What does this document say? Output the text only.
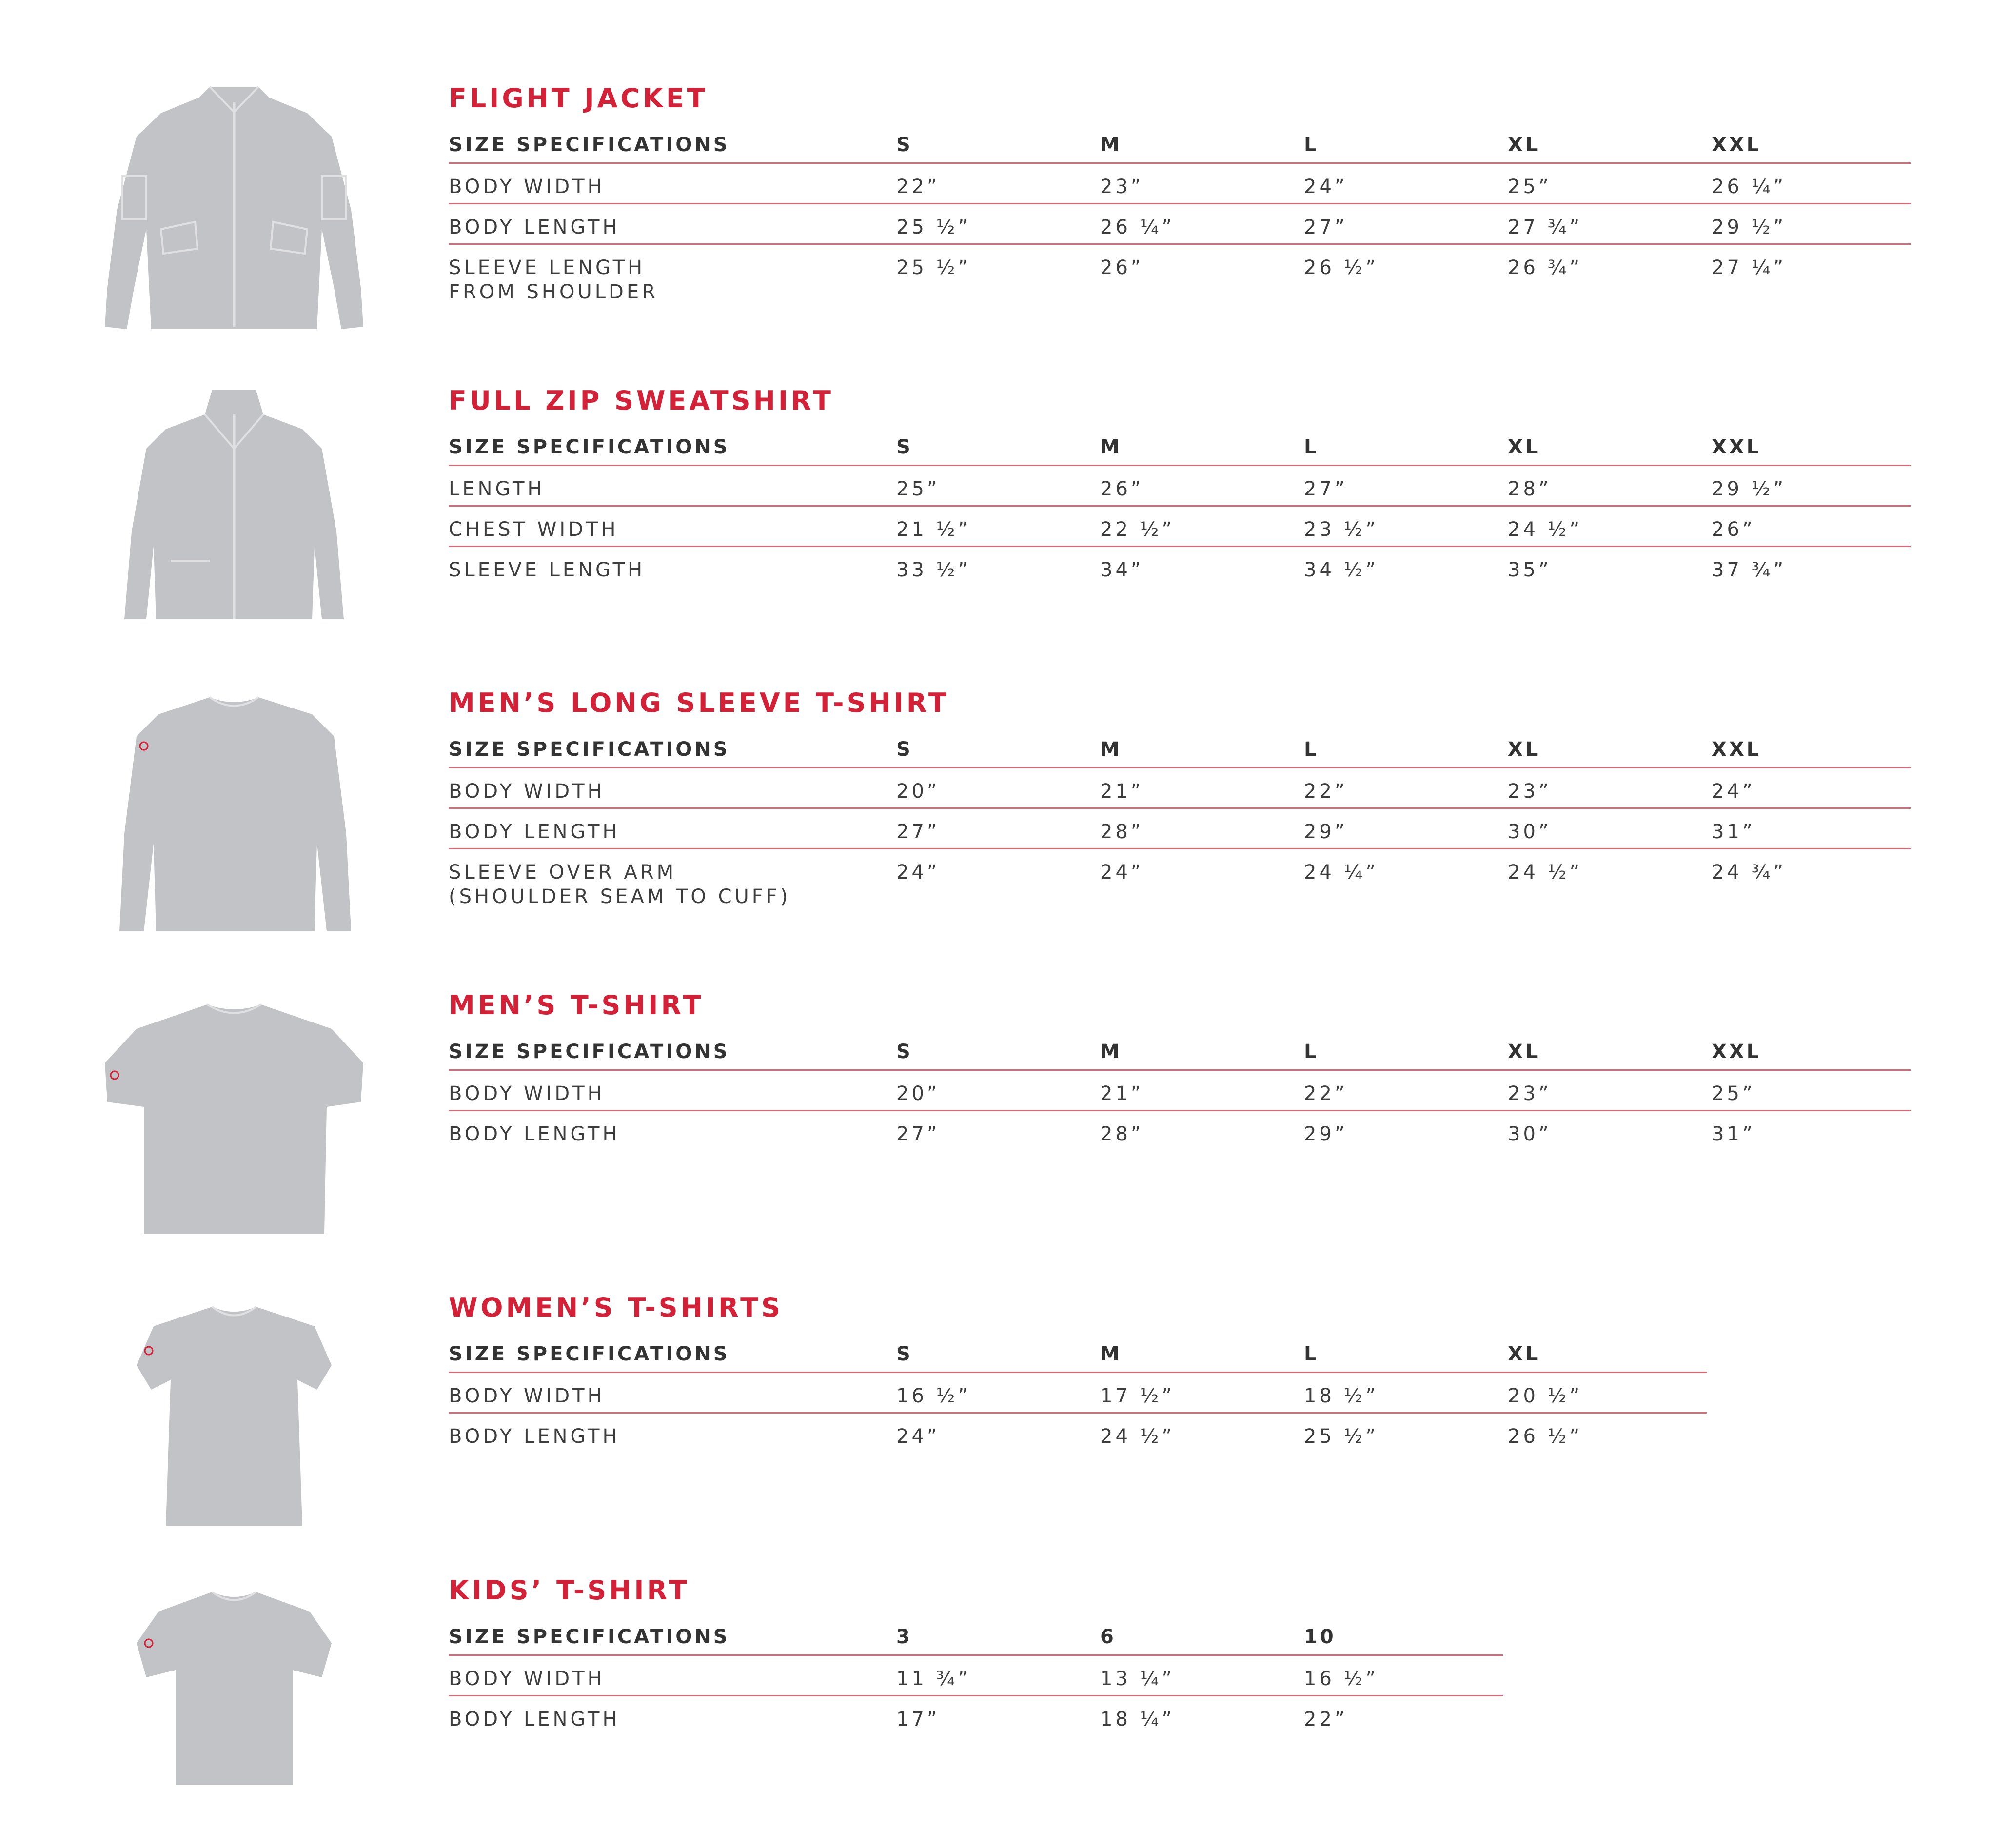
FLIGHT JACKET
SIZE SPECIFICATIONS	S	M	L	XL	XXL
BODY WIDTH	22”	23”	24”	25”	26 ¼”
BODY LENGTH	25 ½”	26 ¼”	27”	27 ¾”	29 ½”
SLEEVE LENGTH
FROM SHOULDER
25 ½”	26”	26 ½”	26 ¾”	27 ¼”
FULL ZIP SWEATSHIRT
SIZE SPECIFICATIONS	S	M	L	XL	XXL
LENGTH	25”	26”	27”	28”	29 ½”
CHEST WIDTH	21 ½”	22 ½”	23 ½”	24 ½”	26”
SLEEVE LENGTH	33 ½”	34”	34 ½”	35”	37 ¾”
MEN’S LONG SLEEVE T-SHIRT
SIZE SPECIFICATIONS	S	M	L	XL	XXL
BODY WIDTH	20”	21”	22”	23”	24”
BODY LENGTH	27”	28”	29”	30”	31”
SLEEVE OVER ARM
(SHOULDER SEAM TO CUFF)
24”	24”	24 ¼”	24 ½”	24 ¾”
MEN’S T-SHIRT
SIZE SPECIFICATIONS	S	M	L	XL	XXL
BODY WIDTH	20”	21”	22”	23”	25”
BODY LENGTH	27”	28”	29”	30”	31”
WOMEN’S T-SHIRTS
SIZE SPECIFICATIONS	S	M	L	XL
BODY WIDTH	16 ½”	17 ½”	18 ½”	20 ½”
BODY LENGTH	24”	24 ½”	25 ½”	26 ½”
KIDS’ T-SHIRT
SIZE SPECIFICATIONS	3	6	10
BODY WIDTH	11 ¾”	13 ¼”	16 ½”
BODY LENGTH	17”	18 ¼”	22”
